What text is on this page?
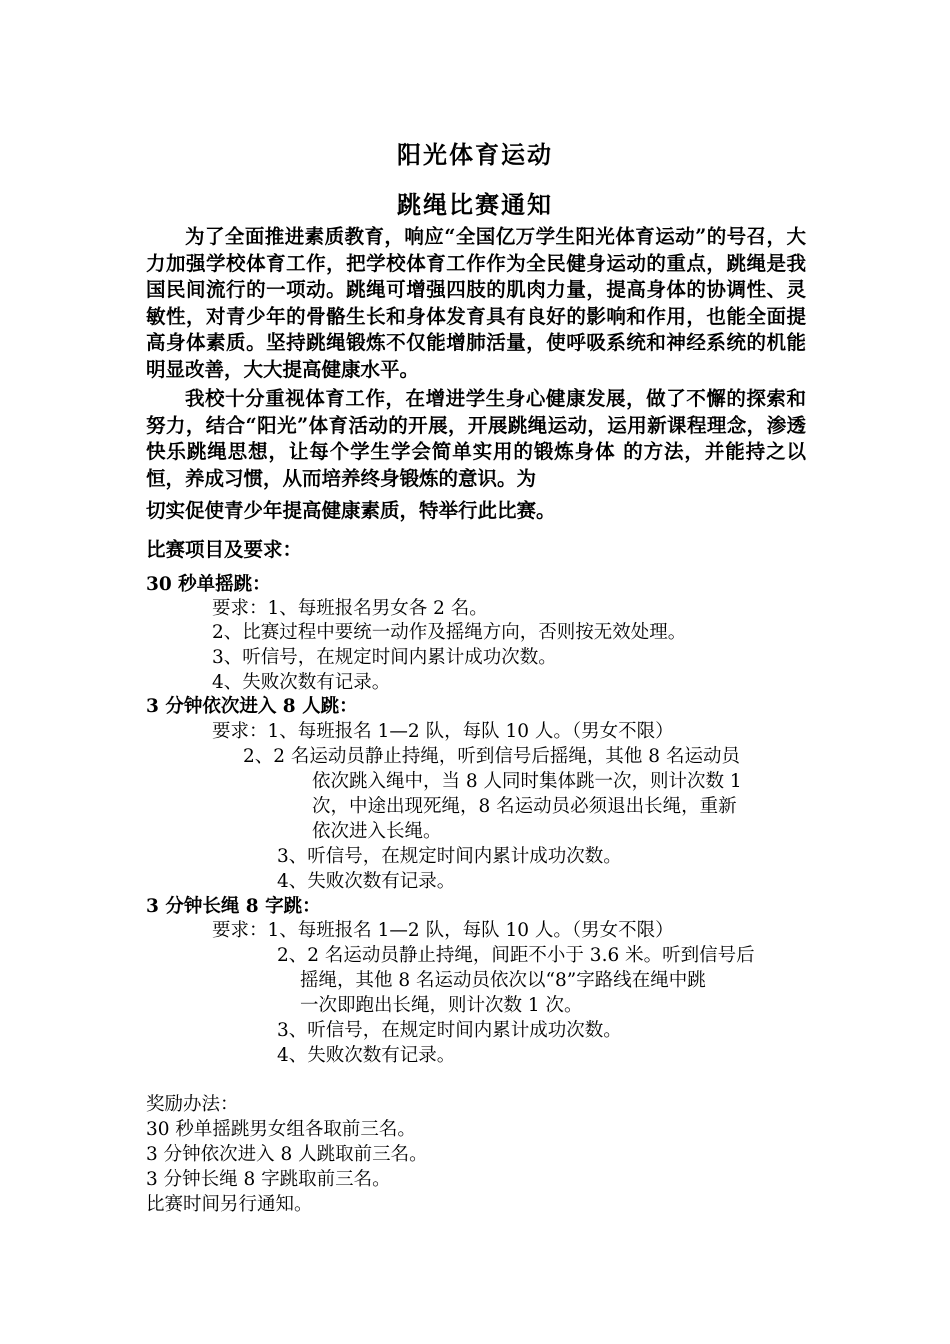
阳光体育运动
跳绳比赛通知
为了全面推进素质教育，响应“全国亿万学生阳光体育运动”的号召，大力加强学校体育工作，把学校体育工作作为全民健身运动的重点，跳绳是我国民间流行的一项动。跳绳可增强四肢的肌肉力量，提高身体的协调性、灵敏性，对青少年的骨骼生长和身体发育具有良好的影响和作用，也能全面提高身体素质。坚持跳绳锻炼不仅能增肺活量，使呼吸系统和神经系统的机能明显改善，大大提高健康水平。
我校十分重视体育工作，在增进学生身心健康发展，做了不懈的探索和努力，结合“阳光”体育活动的开展，开展跳绳运动，运用新课程理念，渗透快乐跳绳思想，让每个学生学会简单实用的锻炼身体 的方法，并能持之以恒，养成习惯，从而培养终身锻炼的意识。为
切实促使青少年提高健康素质，特举行此比赛。
比赛项目及要求：
30 秒单摇跳：
要求：1、每班报名男女各 2 名。
2、比赛过程中要统一动作及摇绳方向，否则按无效处理。
3、听信号，在规定时间内累计成功次数。
4、失败次数有记录。
3 分钟依次进入 8 人跳：
要求：1、每班报名 1—2 队，每队 10 人。（男女不限）
2、2 名运动员静止持绳，听到信号后摇绳，其他 8 名运动员
依次跳入绳中，当 8 人同时集体跳一次，则计次数 1
次，中途出现死绳，8 名运动员必须退出长绳，重新
依次进入长绳。
3、听信号，在规定时间内累计成功次数。
4、失败次数有记录。
3 分钟长绳 8 字跳：
要求：1、每班报名 1—2 队，每队 10 人。（男女不限）
2、2 名运动员静止持绳，间距不小于 3.6 米。听到信号后
摇绳，其他 8 名运动员依次以“8”字路线在绳中跳
一次即跑出长绳，则计次数 1 次。
3、听信号，在规定时间内累计成功次数。
4、失败次数有记录。
奖励办法：
30 秒单摇跳男女组各取前三名。
3 分钟依次进入 8 人跳取前三名。
3 分钟长绳 8 字跳取前三名。
比赛时间另行通知。
